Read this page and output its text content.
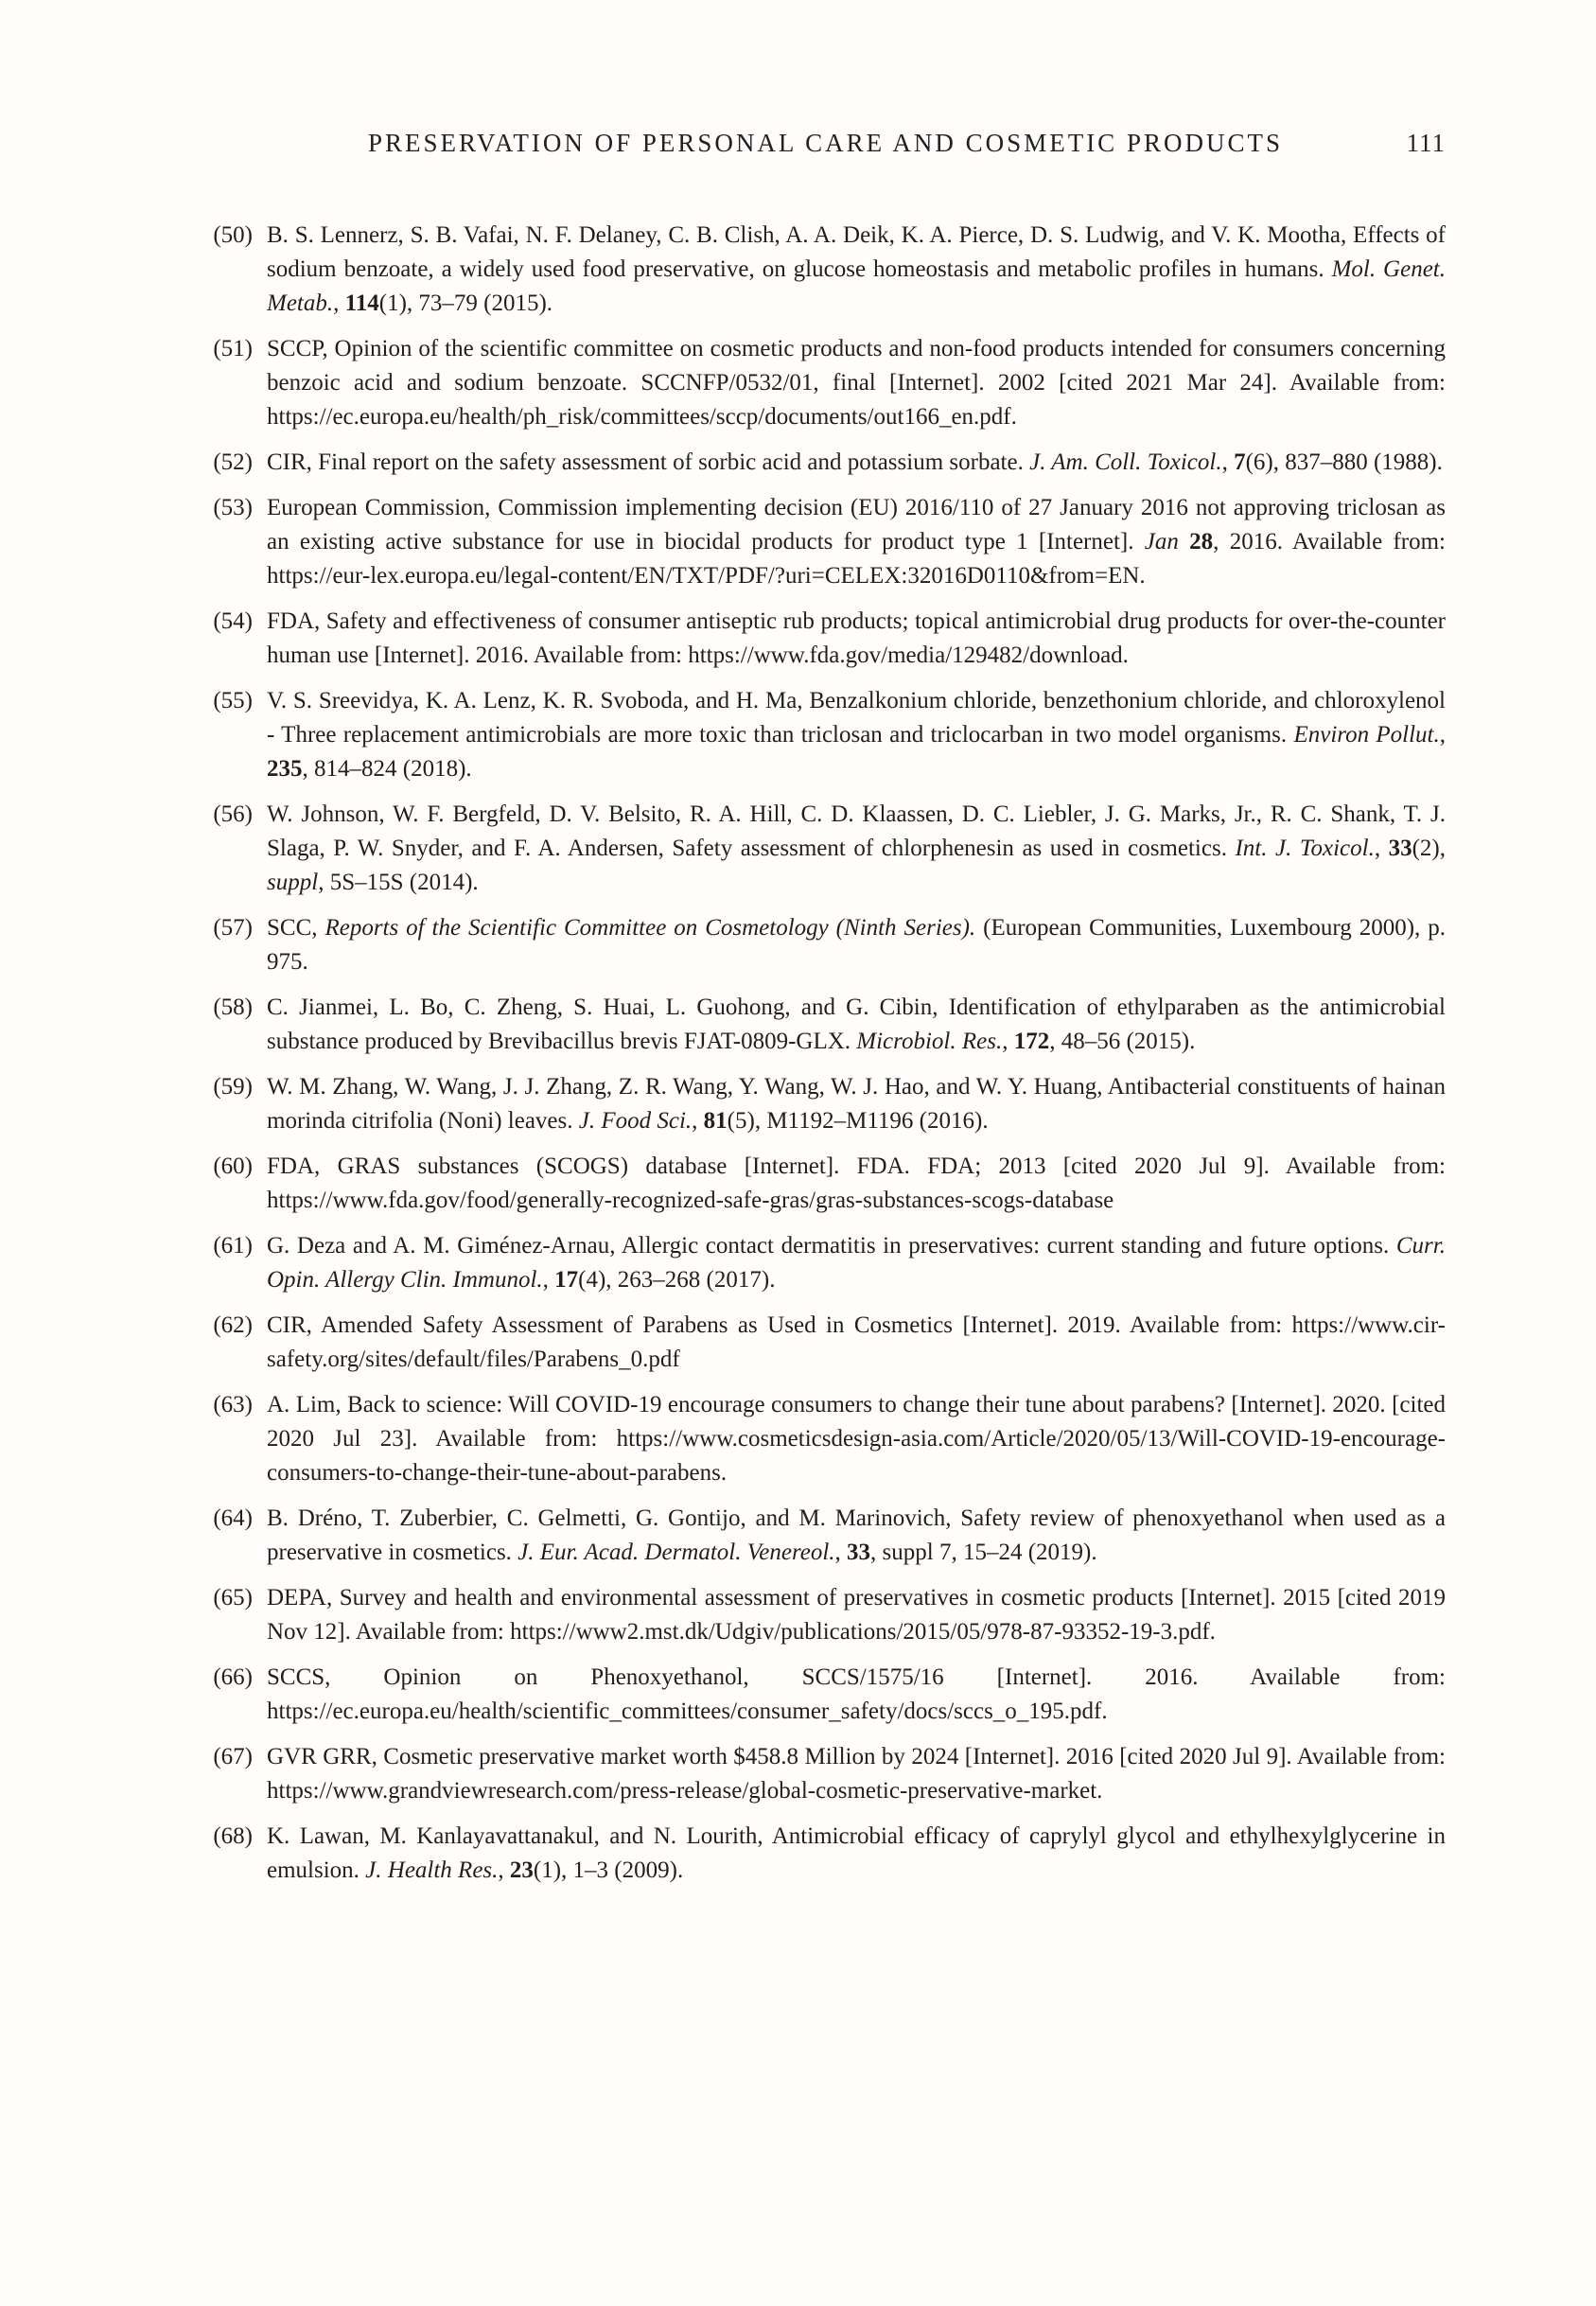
PRESERVATION OF PERSONAL CARE AND COSMETIC PRODUCTS	111
(50) B. S. Lennerz, S. B. Vafai, N. F. Delaney, C. B. Clish, A. A. Deik, K. A. Pierce, D. S. Ludwig, and V. K. Mootha, Effects of sodium benzoate, a widely used food preservative, on glucose homeostasis and metabolic profiles in humans. Mol. Genet. Metab., 114(1), 73–79 (2015).
(51) SCCP, Opinion of the scientific committee on cosmetic products and non-food products intended for consumers concerning benzoic acid and sodium benzoate. SCCNFP/0532/01, final [Internet]. 2002 [cited 2021 Mar 24]. Available from: https://ec.europa.eu/health/ph_risk/committees/sccp/documents/out166_en.pdf.
(52) CIR, Final report on the safety assessment of sorbic acid and potassium sorbate. J. Am. Coll. Toxicol., 7(6), 837–880 (1988).
(53) European Commission, Commission implementing decision (EU) 2016/110 of 27 January 2016 not approving triclosan as an existing active substance for use in biocidal products for product type 1 [Internet]. Jan 28, 2016. Available from: https://eur-lex.europa.eu/legal-content/EN/TXT/PDF/?uri=CELEX:32016D0110&from=EN.
(54) FDA, Safety and effectiveness of consumer antiseptic rub products; topical antimicrobial drug products for over-the-counter human use [Internet]. 2016. Available from: https://www.fda.gov/media/129482/download.
(55) V. S. Sreevidya, K. A. Lenz, K. R. Svoboda, and H. Ma, Benzalkonium chloride, benzethonium chloride, and chloroxylenol - Three replacement antimicrobials are more toxic than triclosan and triclocarban in two model organisms. Environ Pollut., 235, 814–824 (2018).
(56) W. Johnson, W. F. Bergfeld, D. V. Belsito, R. A. Hill, C. D. Klaassen, D. C. Liebler, J. G. Marks, Jr., R. C. Shank, T. J. Slaga, P. W. Snyder, and F. A. Andersen, Safety assessment of chlorphenesin as used in cosmetics. Int. J. Toxicol., 33(2), suppl, 5S–15S (2014).
(57) SCC, Reports of the Scientific Committee on Cosmetology (Ninth Series). (European Communities, Luxembourg 2000), p. 975.
(58) C. Jianmei, L. Bo, C. Zheng, S. Huai, L. Guohong, and G. Cibin, Identification of ethylparaben as the antimicrobial substance produced by Brevibacillus brevis FJAT-0809-GLX. Microbiol. Res., 172, 48–56 (2015).
(59) W. M. Zhang, W. Wang, J. J. Zhang, Z. R. Wang, Y. Wang, W. J. Hao, and W. Y. Huang, Antibacterial constituents of hainan morinda citrifolia (Noni) leaves. J. Food Sci., 81(5), M1192–M1196 (2016).
(60) FDA, GRAS substances (SCOGS) database [Internet]. FDA. FDA; 2013 [cited 2020 Jul 9]. Available from: https://www.fda.gov/food/generally-recognized-safe-gras/gras-substances-scogs-database
(61) G. Deza and A. M. Giménez-Arnau, Allergic contact dermatitis in preservatives: current standing and future options. Curr. Opin. Allergy Clin. Immunol., 17(4), 263–268 (2017).
(62) CIR, Amended Safety Assessment of Parabens as Used in Cosmetics [Internet]. 2019. Available from: https://www.cir-safety.org/sites/default/files/Parabens_0.pdf
(63) A. Lim, Back to science: Will COVID-19 encourage consumers to change their tune about parabens? [Internet]. 2020. [cited 2020 Jul 23]. Available from: https://www.cosmeticsdesign-asia.com/Article/2020/05/13/Will-COVID-19-encourage-consumers-to-change-their-tune-about-parabens.
(64) B. Dréno, T. Zuberbier, C. Gelmetti, G. Gontijo, and M. Marinovich, Safety review of phenoxyethanol when used as a preservative in cosmetics. J. Eur. Acad. Dermatol. Venereol., 33, suppl 7, 15–24 (2019).
(65) DEPA, Survey and health and environmental assessment of preservatives in cosmetic products [Internet]. 2015 [cited 2019 Nov 12]. Available from: https://www2.mst.dk/Udgiv/publications/2015/05/978-87-93352-19-3.pdf.
(66) SCCS, Opinion on Phenoxyethanol, SCCS/1575/16 [Internet]. 2016. Available from: https://ec.europa.eu/health/scientific_committees/consumer_safety/docs/sccs_o_195.pdf.
(67) GVR GRR, Cosmetic preservative market worth $458.8 Million by 2024 [Internet]. 2016 [cited 2020 Jul 9]. Available from: https://www.grandviewresearch.com/press-release/global-cosmetic-preservative-market.
(68) K. Lawan, M. Kanlayavattanakul, and N. Lourith, Antimicrobial efficacy of caprylyl glycol and ethylhexylglycerine in emulsion. J. Health Res., 23(1), 1–3 (2009).
